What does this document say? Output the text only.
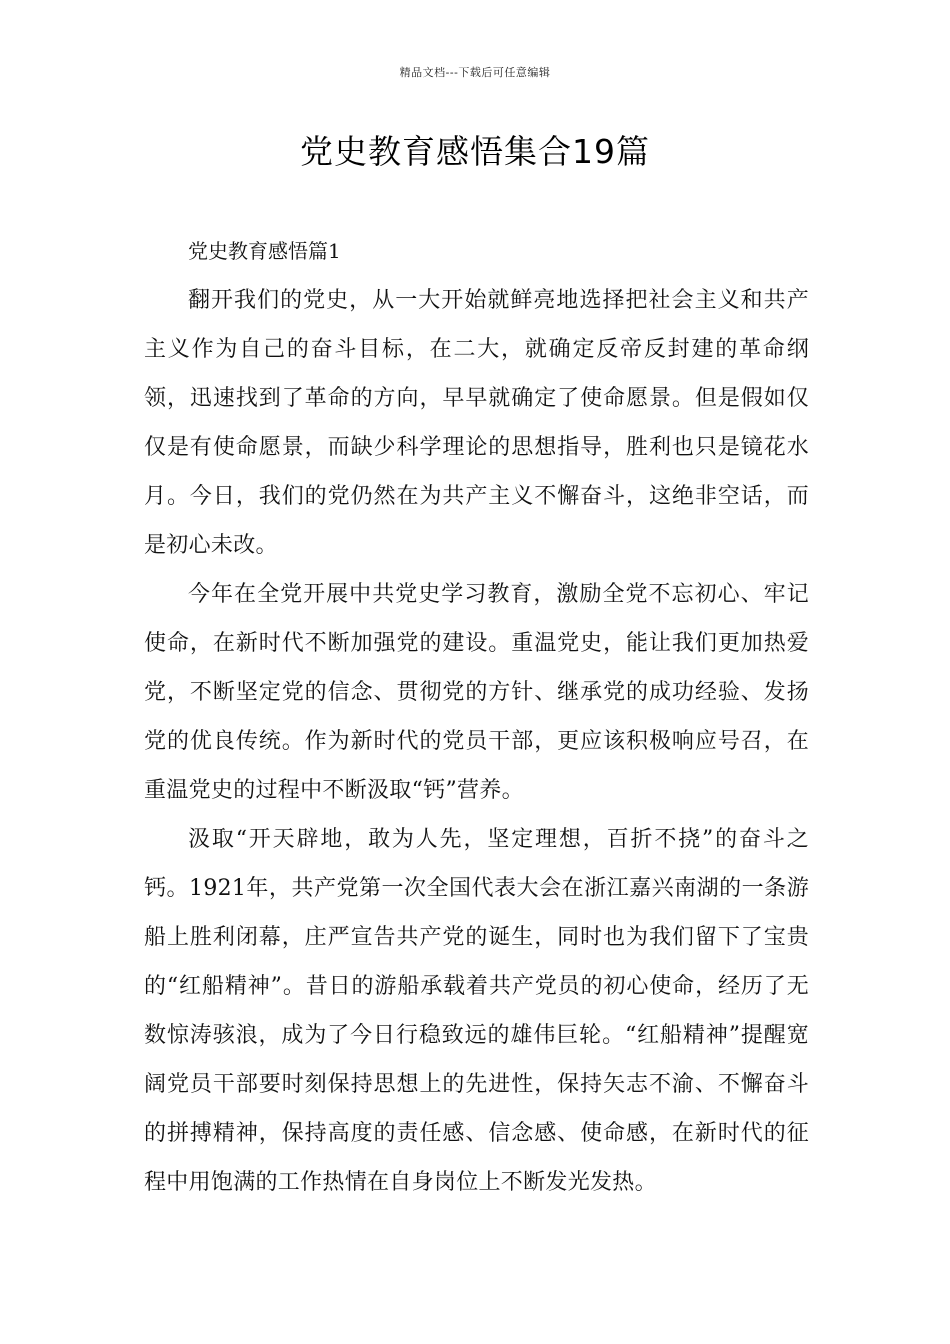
精品文档---下载后可任意编辑
党史教育感悟集合19篇

党史教育感悟篇1

翻开我们的党史，从一大开始就鲜亮地选择把社会主义和共产主义作为自己的奋斗目标，在二大，就确定反帝反封建的革命纲领，迅速找到了革命的方向，早早就确定了使命愿景。但是假如仅仅是有使命愿景，而缺少科学理论的思想指导，胜利也只是镜花水月。今日，我们的党仍然在为共产主义不懈奋斗，这绝非空话，而是初心未改。

今年在全党开展中共党史学习教育，激励全党不忘初心、牢记使命，在新时代不断加强党的建设。重温党史，能让我们更加热爱党，不断坚定党的信念、贯彻党的方针、继承党的成功经验、发扬党的优良传统。作为新时代的党员干部，更应该积极响应号召，在重温党史的过程中不断汲取“钙”营养。

汲取“开天辟地，敢为人先，坚定理想，百折不挠”的奋斗之钙。1921年，共产党第一次全国代表大会在浙江嘉兴南湖的一条游船上胜利闭幕，庄严宣告共产党的诞生，同时也为我们留下了宝贵的“红船精神”。昔日的游船承载着共产党员的初心使命，经历了无数惊涛骇浪，成为了今日行稳致远的雄伟巨轮。“红船精神”提醒宽阔党员干部要时刻保持思想上的先进性，保持矢志不渝、不懈奋斗的拼搏精神，保持高度的责任感、信念感、使命感，在新时代的征程中用饱满的工作热情在自身岗位上不断发光发热。
